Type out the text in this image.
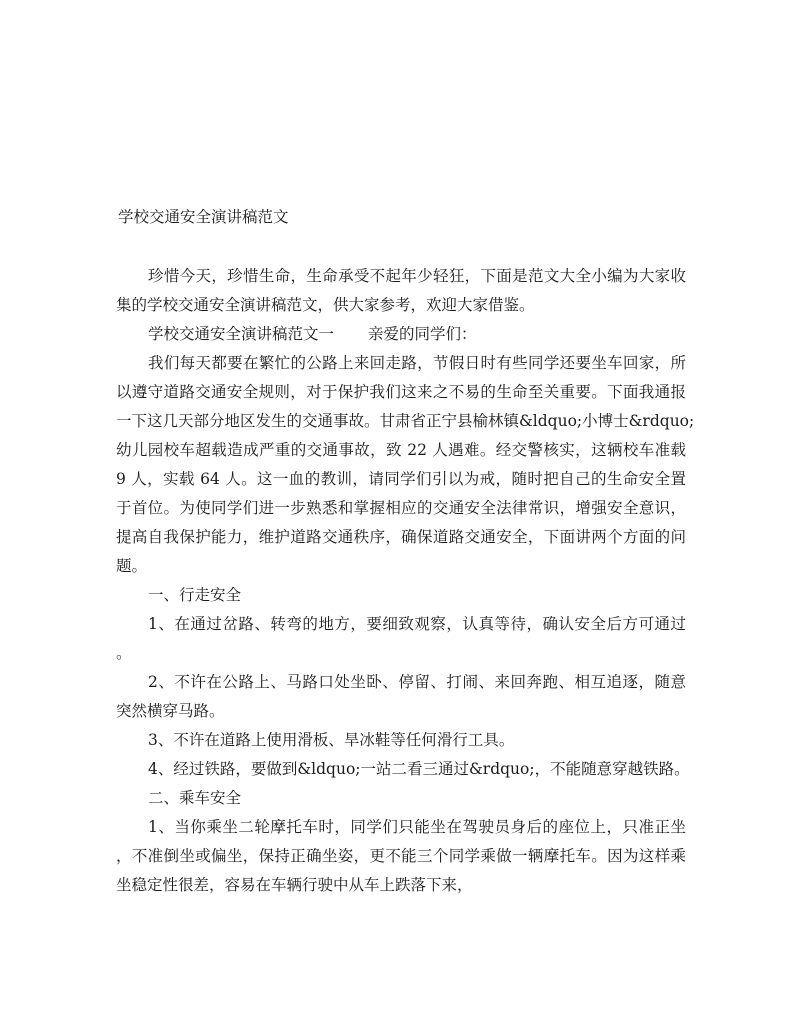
学校交通安全演讲稿范文
珍惜今天，珍惜生命，生命承受不起年少轻狂，下面是范文大全小编为大家收
集的学校交通安全演讲稿范文，供大家参考，欢迎大家借鉴。
学校交通安全演讲稿范文一 亲爱的同学们：
我们每天都要在繁忙的公路上来回走路，节假日时有些同学还要坐车回家，所
以遵守道路交通安全规则，对于保护我们这来之不易的生命至关重要。下面我通报
一下这几天部分地区发生的交通事故。甘肃省正宁县榆林镇&ldquo;小博士&rdquo;
幼儿园校车超载造成严重的交通事故，致 22 人遇难。经交警核实，这辆校车准载
9 人，实载 64 人。这一血的教训，请同学们引以为戒，随时把自己的生命安全置
于首位。为使同学们进一步熟悉和掌握相应的交通安全法律常识，增强安全意识，
提高自我保护能力，维护道路交通秩序，确保道路交通安全，下面讲两个方面的问
题。
一、行走安全
1、在通过岔路、转弯的地方，要细致观察，认真等待，确认安全后方可通过
。
2、不许在公路上、马路口处坐卧、停留、打闹、来回奔跑、相互追逐，随意
突然横穿马路。
3、不许在道路上使用滑板、旱冰鞋等任何滑行工具。
4、经过铁路，要做到&ldquo;一站二看三通过&rdquo;，不能随意穿越铁路。
二、乘车安全
1、当你乘坐二轮摩托车时，同学们只能坐在驾驶员身后的座位上，只准正坐
，不准倒坐或偏坐，保持正确坐姿，更不能三个同学乘做一辆摩托车。因为这样乘
坐稳定性很差，容易在车辆行驶中从车上跌落下来，
